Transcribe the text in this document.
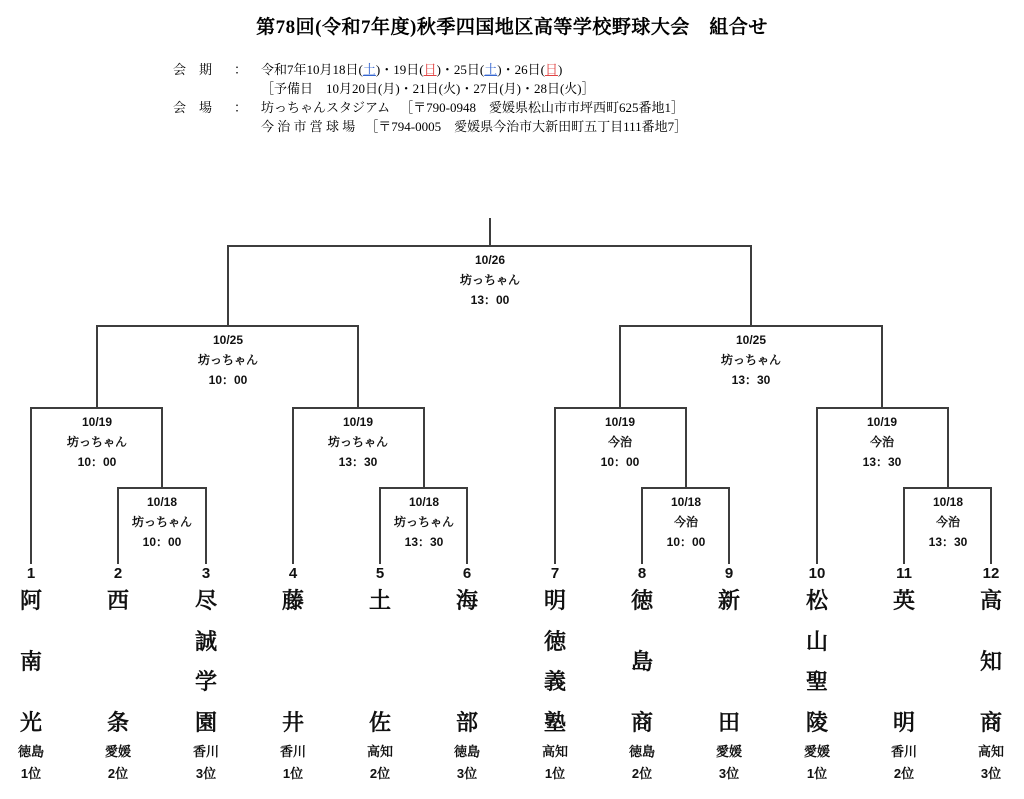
第78回(令和7年度)秋季四国地区高等学校野球大会　組合せ
会　期 ： 令和7年10月18日(土)・19日(日)・25日(土)・26日(日)
［予備日　10月20日(月)・21日(火)・27日(月)・28日(火)］
会　場 ： 坊っちゃんスタジアム ［〒790-0948　愛媛県松山市市坪西町625番地1］
今 治 市 営 球 場 ［〒794-0005　愛媛県今治市大新田町五丁目111番地7］
10/26
坊っちゃん
13：00
10/25
坊っちゃん
10：00
10/25
坊っちゃん
13：30
10/19
坊っちゃん
10：00
10/19
坊っちゃん
13：30
10/19
今治
10：00
10/19
今治
13：30
10/18
坊っちゃん
10：00
10/18
坊っちゃん
13：30
10/18
今治
10：00
10/18
今治
13：30
1
阿
南
光
徳島
1位
2
西
条
愛媛
2位
3
尽
誠
学
園
香川
3位
4
藤
井
香川
1位
5
土
佐
高知
2位
6
海
部
徳島
3位
7
明
徳
義
塾
高知
1位
8
徳
島
商
徳島
2位
9
新
田
愛媛
3位
10
松
山
聖
陵
愛媛
1位
11
英
明
香川
2位
12
高
知
商
高知
3位
